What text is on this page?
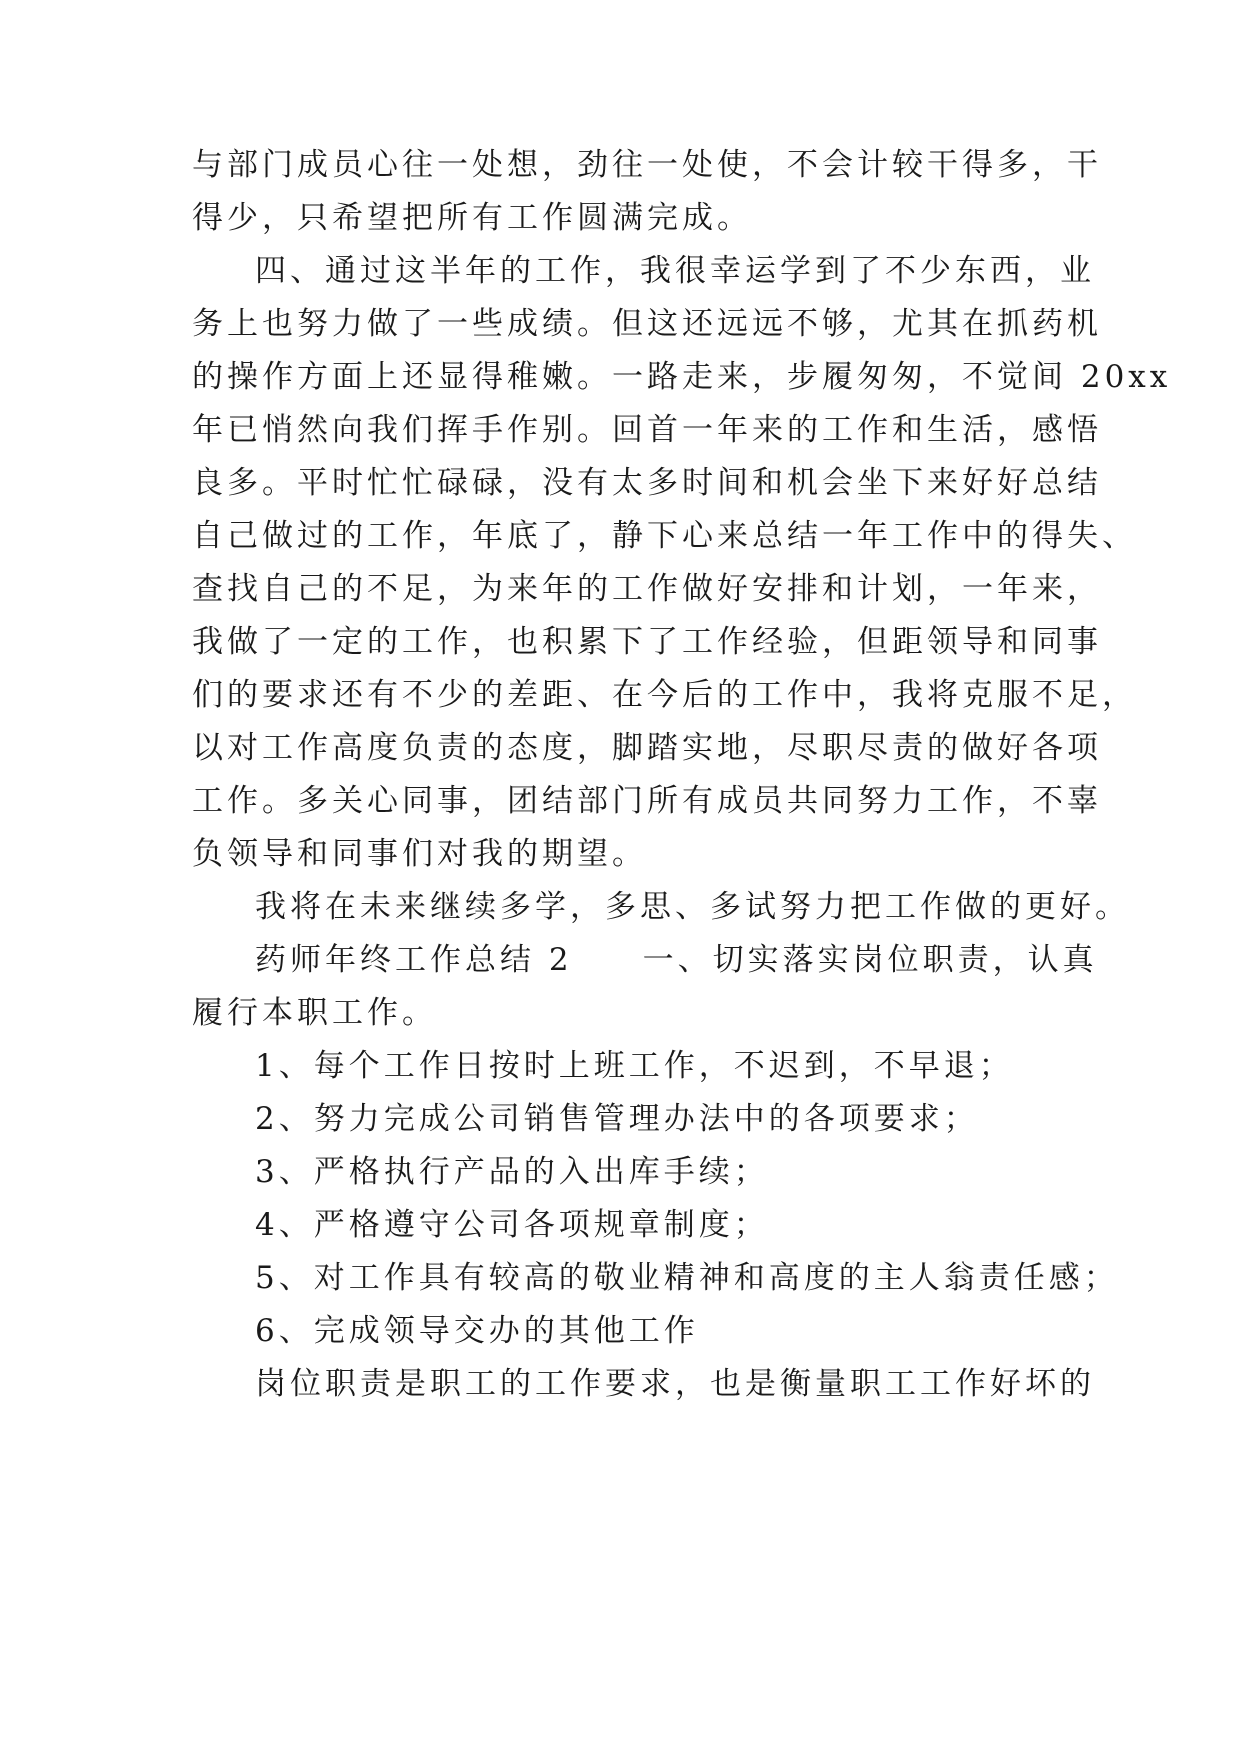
与部门成员心往一处想，劲往一处使，不会计较干得多，干
得少，只希望把所有工作圆满完成。
四、通过这半年的工作，我很幸运学到了不少东西，业
务上也努力做了一些成绩。但这还远远不够，尤其在抓药机
的操作方面上还显得稚嫩。一路走来，步履匆匆，不觉间 20xx
年已悄然向我们挥手作别。回首一年来的工作和生活，感悟
良多。平时忙忙碌碌，没有太多时间和机会坐下来好好总结
自己做过的工作，年底了，静下心来总结一年工作中的得失、
查找自己的不足，为来年的工作做好安排和计划，一年来，
我做了一定的工作，也积累下了工作经验，但距领导和同事
们的要求还有不少的差距、在今后的工作中，我将克服不足，
以对工作高度负责的态度，脚踏实地，尽职尽责的做好各项
工作。多关心同事，团结部门所有成员共同努力工作，不辜
负领导和同事们对我的期望。
我将在未来继续多学，多思、多试努力把工作做的更好。
药师年终工作总结 2　　一、切实落实岗位职责，认真
履行本职工作。
1、每个工作日按时上班工作，不迟到，不早退；
2、努力完成公司销售管理办法中的各项要求；
3、严格执行产品的入出库手续；
4、严格遵守公司各项规章制度；
5、对工作具有较高的敬业精神和高度的主人翁责任感；
6、完成领导交办的其他工作
岗位职责是职工的工作要求，也是衡量职工工作好坏的
